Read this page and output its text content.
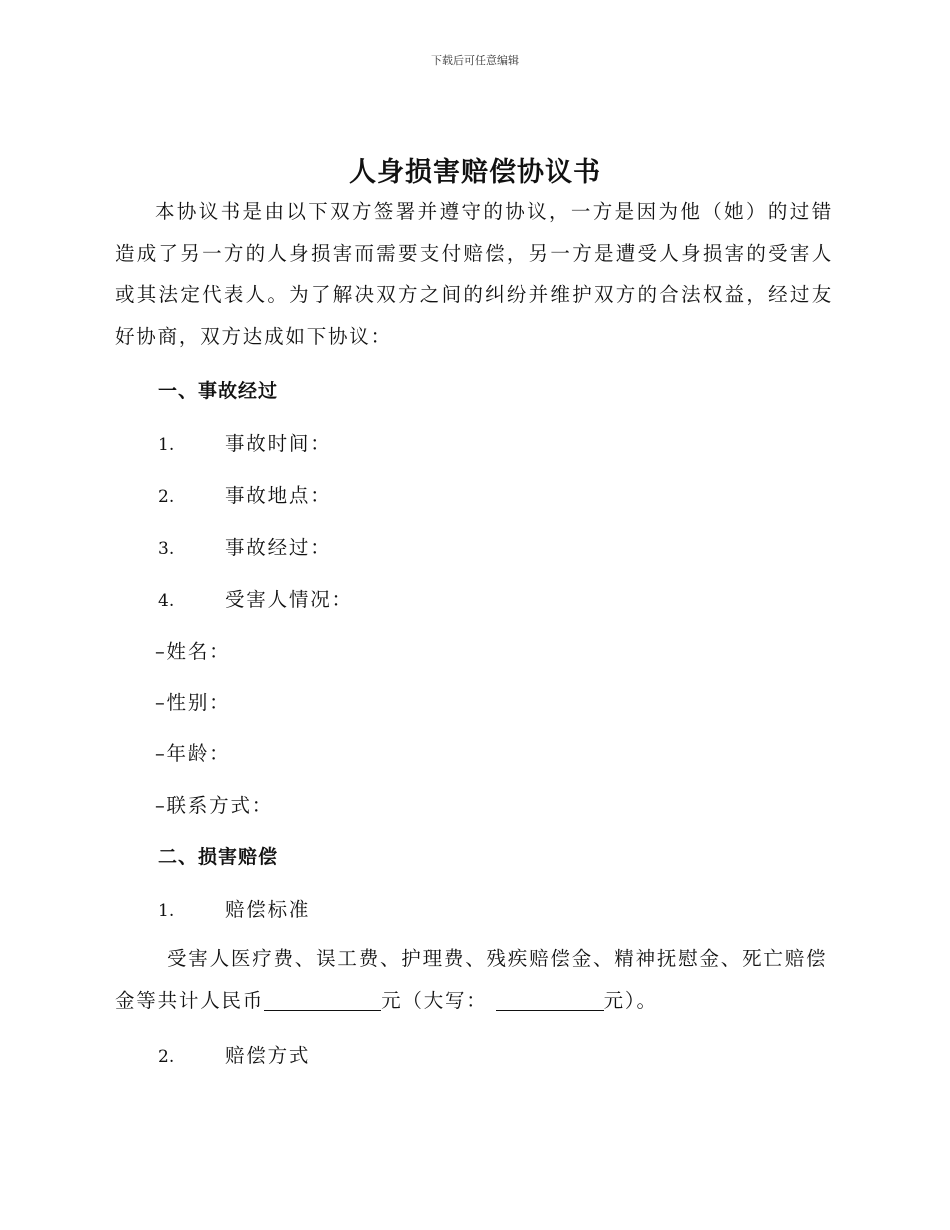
下载后可任意编辑
人身损害赔偿协议书
本协议书是由以下双方签署并遵守的协议，一方是因为他（她）的过错造成了另一方的人身损害而需要支付赔偿，另一方是遭受人身损害的受害人或其法定代表人。为了解决双方之间的纠纷并维护双方的合法权益，经过友好协商，双方达成如下协议：
一、事故经过
1.	事故时间：
2.	事故地点：
3.	事故经过：
4.	受害人情况：
–姓名：
–性别：
–年龄：
–联系方式：
二、损害赔偿
1.	赔偿标准
受害人医疗费、误工费、护理费、残疾赔偿金、精神抚慰金、死亡赔偿金等共计人民币	元（大写：	元）。
2.	赔偿方式
